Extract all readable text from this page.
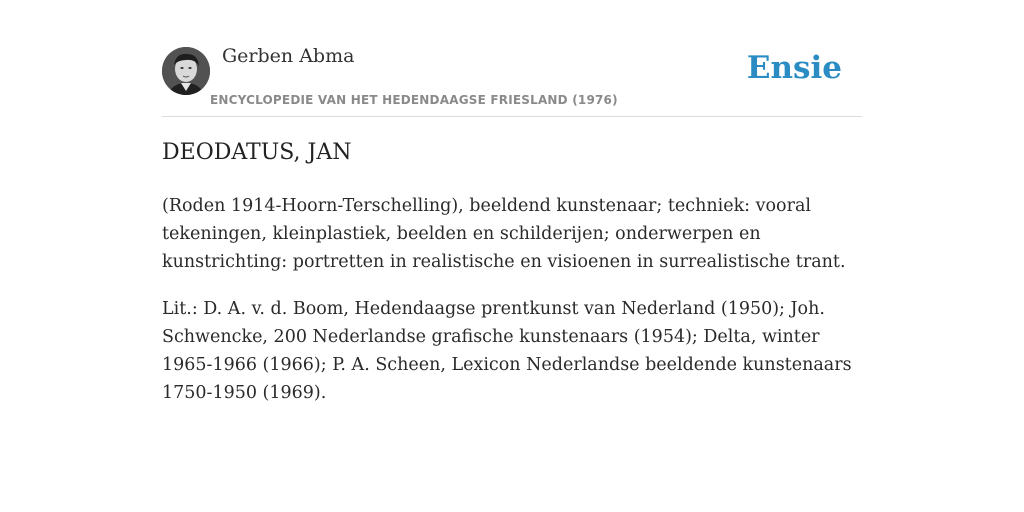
Gerben Abma
ENCYCLOPEDIE VAN HET HEDENDAAGSE FRIESLAND (1976)
Ensie
DEODATUS, JAN

(Roden 1914-Hoorn-Terschelling), beeldend kunstenaar; techniek: vooral tekeningen, kleinplastiek, beelden en schilderijen; onderwerpen en kunstrichting: portretten in realistische en visioenen in surrealistische trant.

Lit.: D. A. v. d. Boom, Hedendaagse prentkunst van Nederland (1950); Joh. Schwencke, 200 Nederlandse grafische kunstenaars (1954); Delta, winter 1965-1966 (1966); P. A. Scheen, Lexicon Nederlandse beeldende kunstenaars 1750-1950 (1969).
